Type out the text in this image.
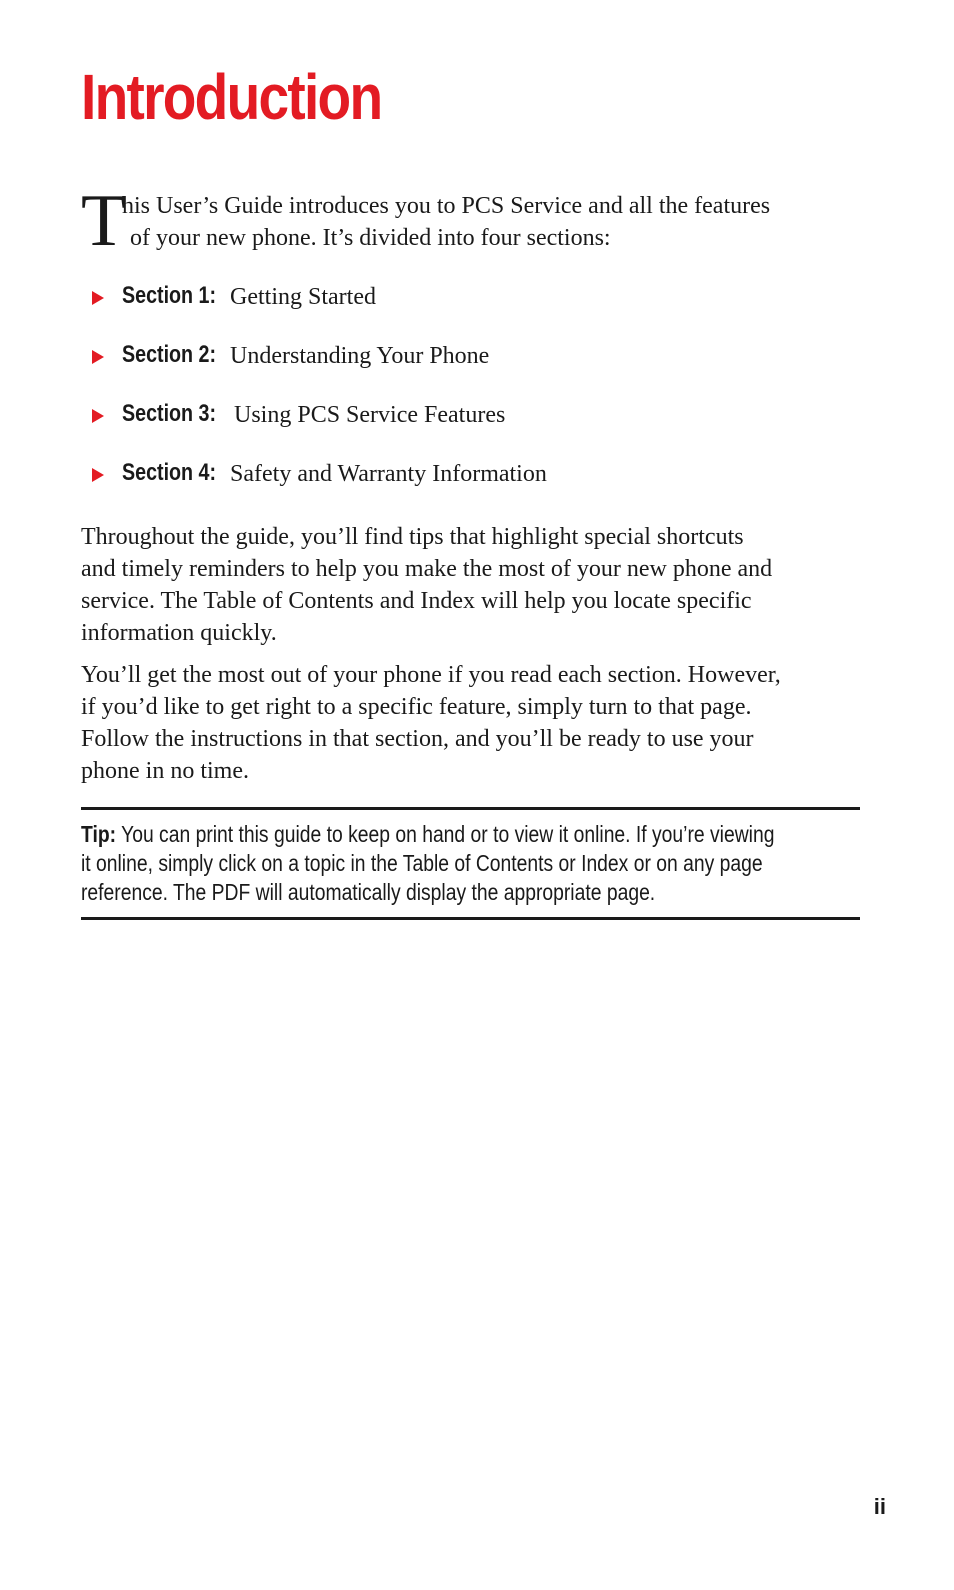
Introduction
T
his User’s Guide introduces you to PCS Service and all the features
of your new phone. It’s divided into four sections:
Section 1: Getting Started
Section 2: Understanding Your Phone
Section 3: Using PCS Service Features
Section 4: Safety and Warranty Information

Throughout the guide, you’ll find tips that highlight special shortcuts
and timely reminders to help you make the most of your new phone and
service. The Table of Contents and Index will help you locate specific
information quickly.

You’ll get the most out of your phone if you read each section. However,
if you’d like to get right to a specific feature, simply turn to that page.
Follow the instructions in that section, and you’ll be ready to use your
phone in no time.

Tip: You can print this guide to keep on hand or to view it online. If you’re viewing
it online, simply click on a topic in the Table of Contents or Index or on any page
reference. The PDF will automatically display the appropriate page.
ii
